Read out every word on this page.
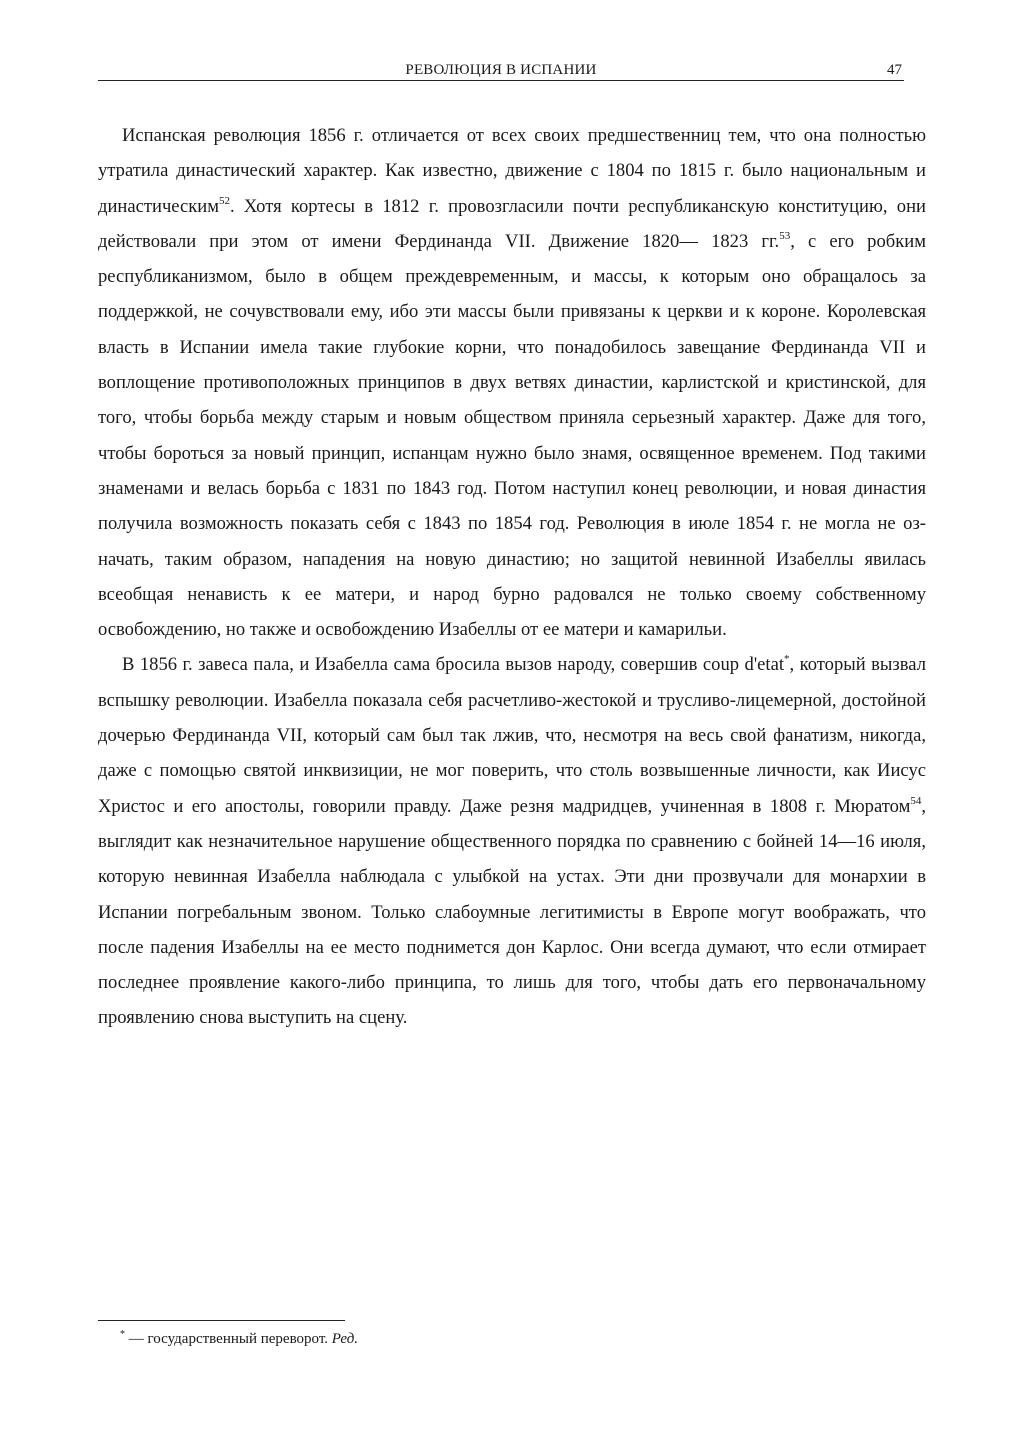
РЕВОЛЮЦИЯ В ИСПАНИИ	47

Испанская революция 1856 г. отличается от всех своих предшественниц тем, что она полностью утратила династический характер. Как известно, движение с 1804 по 1815 г. было национальным и династическим$^{52}$. Хотя кортесы в 1812 г. провозгласили почти республиканскую конституцию, они действовали при этом от имени Фердинанда VII. Движение 1820— 1823 гг.$^{53}$, с его робким республиканизмом, было в общем преждевременным, и массы, к которым оно обращалось за поддержкой, не сочувствовали ему, ибо эти массы были привязаны к церкви и к короне. Королевская власть в Испании имела такие глубокие корни, что понадобилось завещание Фердинанда VII и воплощение противоположных принципов в двух ветвях династии, карлистской и кристинской, для того, чтобы борьба между старым и новым обществом приняла серьезный характер. Даже для того, чтобы бороться за новый принцип, испанцам нужно было знамя, освященное временем. Под такими знаменами и велась борьба с 1831 по 1843 год. Потом наступил конец революции, и новая династия получила возможность показать себя с 1843 по 1854 год. Революция в июле 1854 г. не могла не означать, таким образом, нападения на новую династию; но защитой невинной Изабеллы явилась всеобщая ненависть к ее матери, и народ бурно радовался не только своему собственному освобождению, но также и освобождению Изабеллы от ее матери и камарильи.

В 1856 г. завеса пала, и Изабелла сама бросила вызов народу, совершив coup d'etat*, который вызвал вспышку революции. Изабелла показала себя расчетливо-жестокой и трусливо-лицемерной, достойной дочерью Фердинанда VII, который сам был так лжив, что, несмотря на весь свой фанатизм, никогда, даже с помощью святой инквизиции, не мог поверить, что столь возвышенные личности, как Иисус Христос и его апостолы, говорили правду. Даже резня мадридцев, учиненная в 1808 г. Мюратом$^{54}$, выглядит как незначительное нарушение общественного порядка по сравнению с бойней 14—16 июля, которую невинная Изабелла наблюдала с улыбкой на устах. Эти дни прозвучали для монархии в Испании погребальным звоном. Только слабоумные легитимисты в Европе могут воображать, что после падения Изабеллы на ее место поднимется дон Карлос. Они всегда думают, что если отмирает последнее проявление какого-либо принципа, то лишь для того, чтобы дать его первоначальному проявлению снова выступить на сцену.

* — государственный переворот. Ред.
